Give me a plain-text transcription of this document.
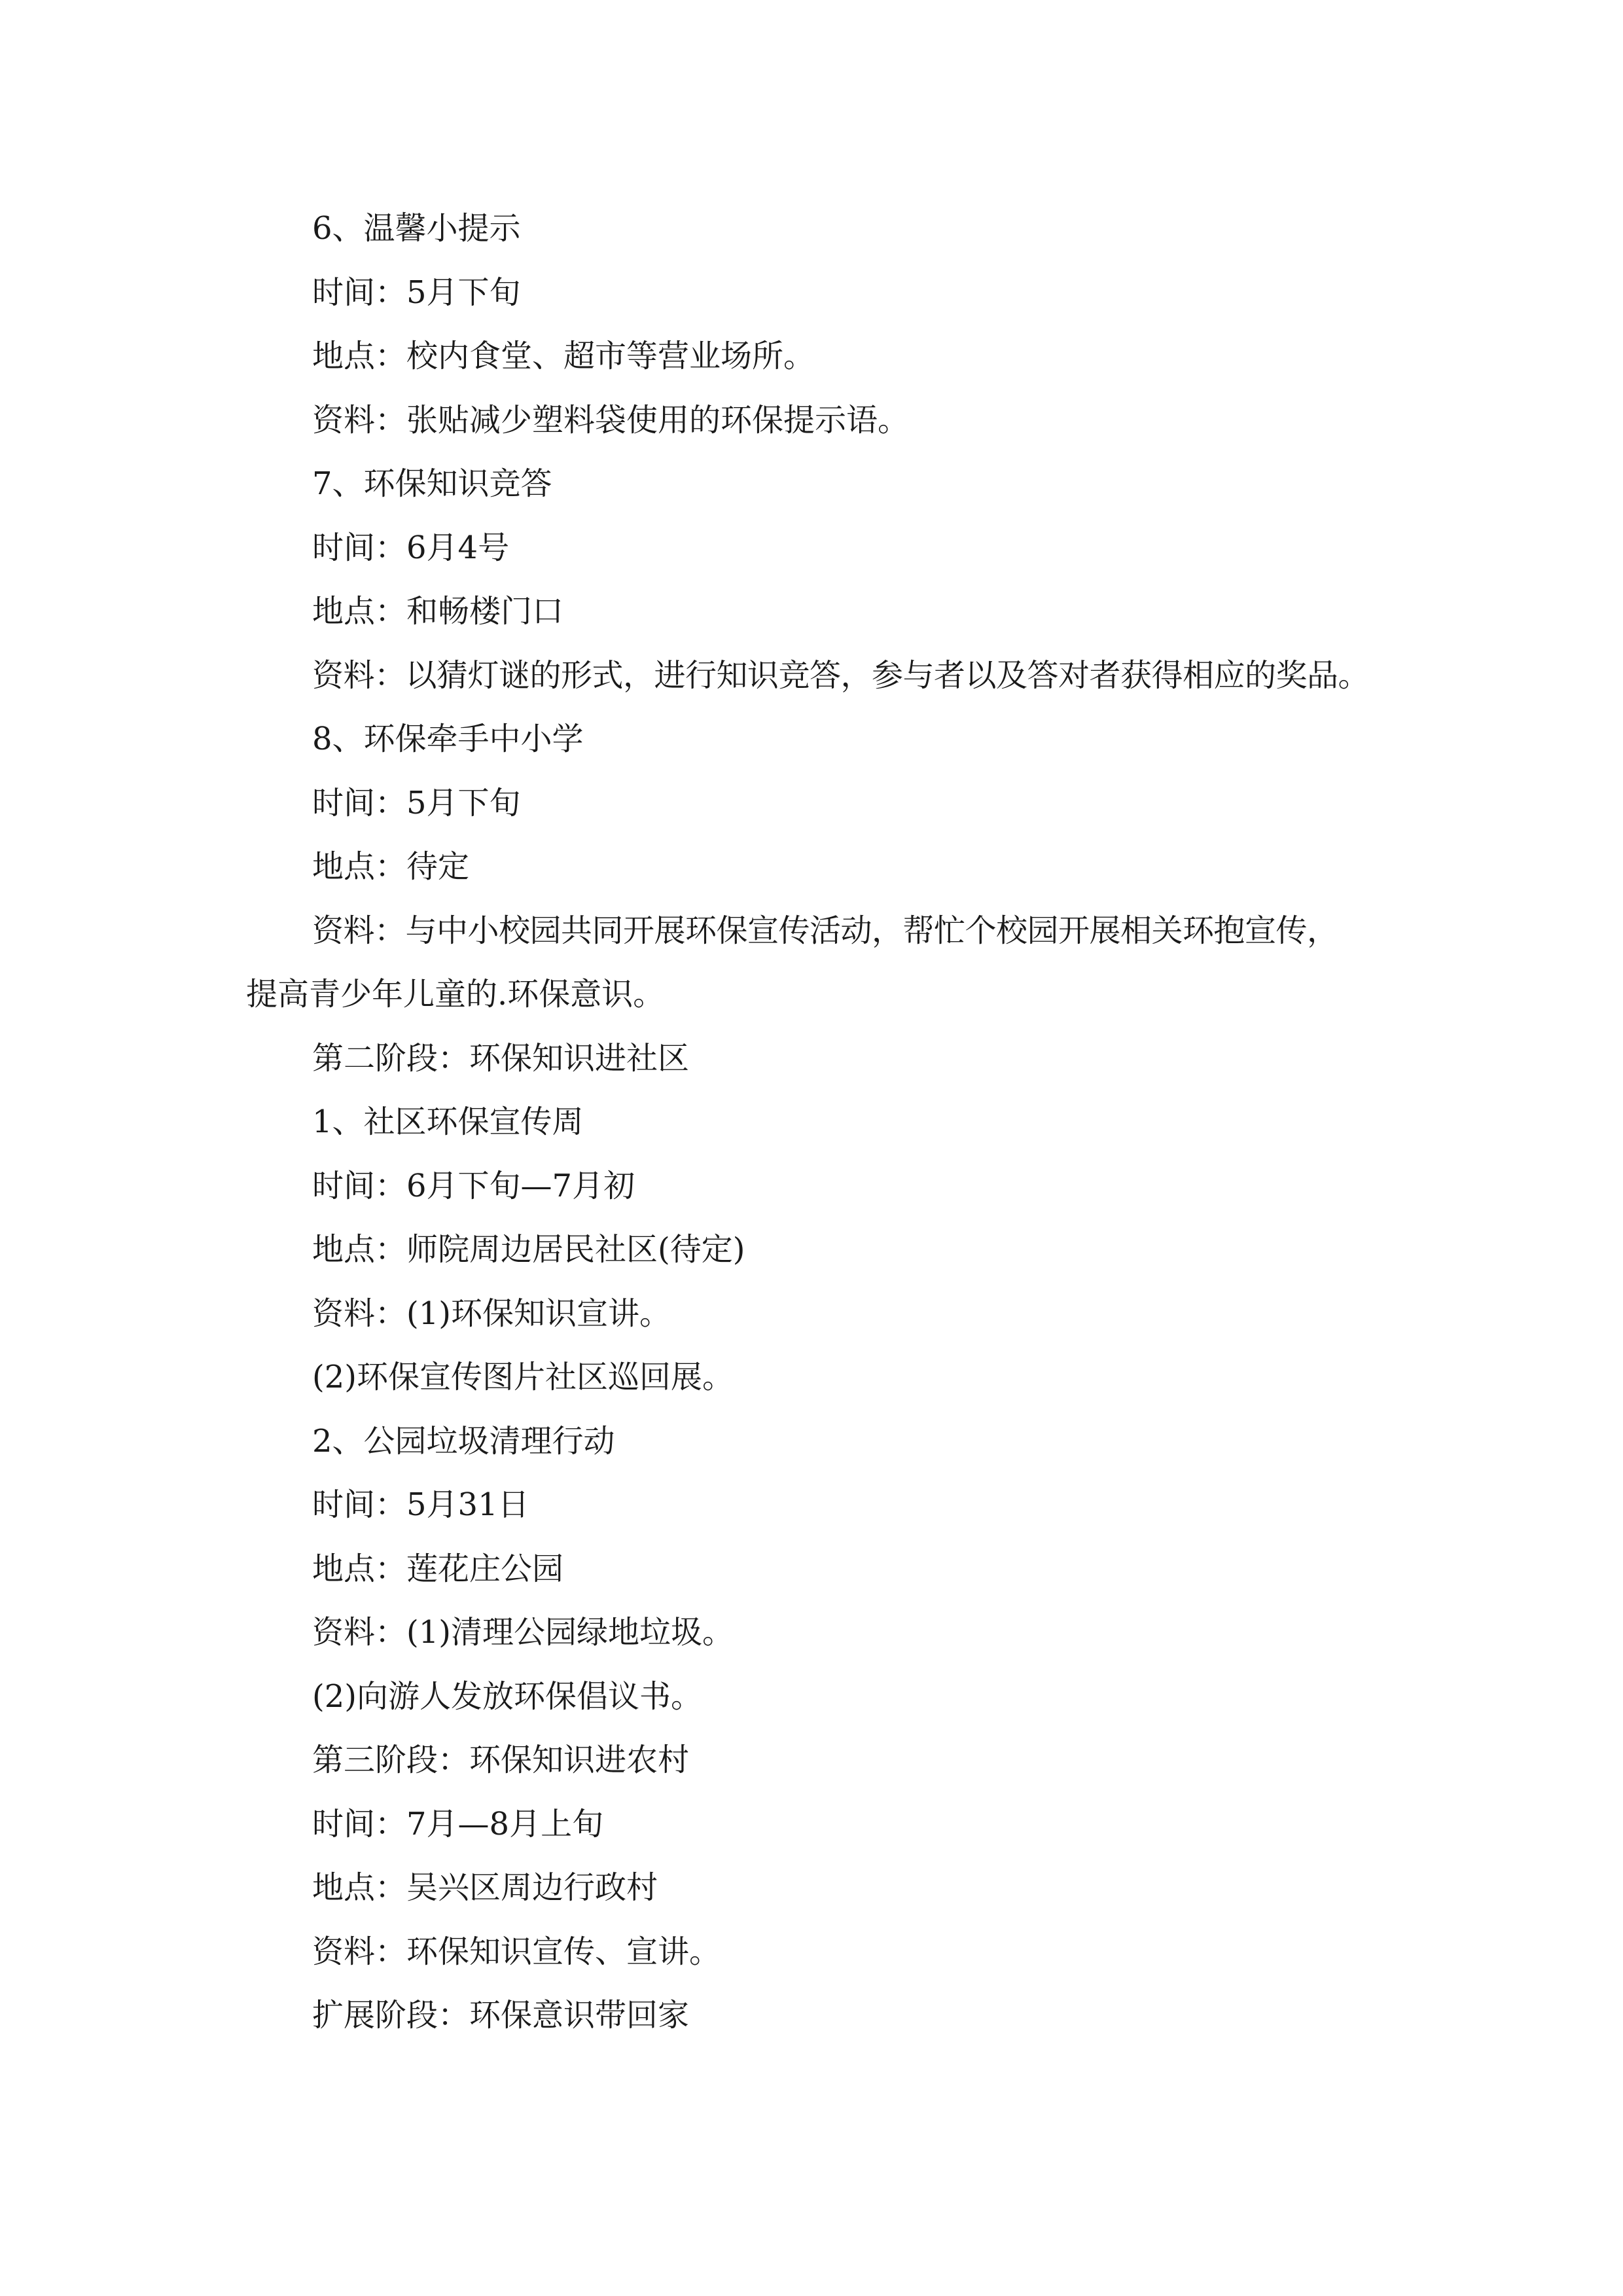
6、温馨小提示
时间：5月下旬
地点：校内食堂、超市等营业场所。
资料：张贴减少塑料袋使用的环保提示语。
7、环保知识竞答
时间：6月4号
地点：和畅楼门口
资料：以猜灯谜的形式，进行知识竞答，参与者以及答对者获得相应的奖品。
8、环保牵手中小学
时间：5月下旬
地点：待定
资料：与中小校园共同开展环保宣传活动，帮忙个校园开展相关环抱宣传，
提高青少年儿童的.环保意识。
第二阶段：环保知识进社区
1、社区环保宣传周
时间：6月下旬—7月初
地点：师院周边居民社区(待定)
资料：(1)环保知识宣讲。
(2)环保宣传图片社区巡回展。
2、公园垃圾清理行动
时间：5月31日
地点：莲花庄公园
资料：(1)清理公园绿地垃圾。
(2)向游人发放环保倡议书。
第三阶段：环保知识进农村
时间：7月—8月上旬
地点：吴兴区周边行政村
资料：环保知识宣传、宣讲。
扩展阶段：环保意识带回家
